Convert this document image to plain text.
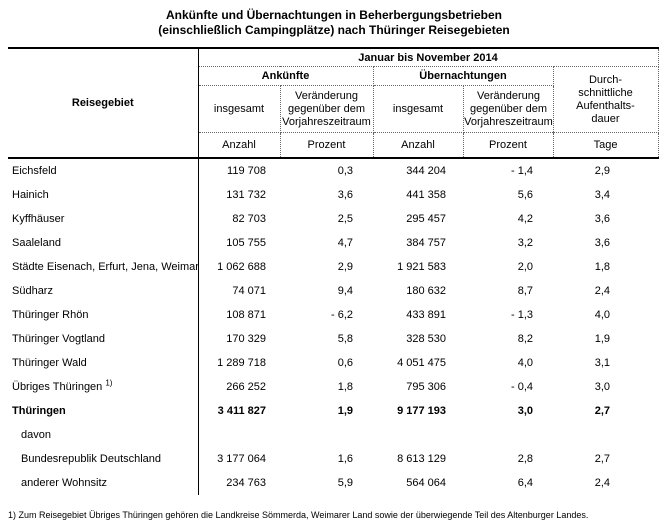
Ankünfte und Übernachtungen in Beherbergungsbetrieben
(einschließlich Campingplätze) nach Thüringer Reisegebieten
Reisegebiet	Januar bis November 2014				
	Ankünfte		Übernachtungen		Durch-schnittliche Aufenthalts-dauer

	insgesamt	Veränderung gegenüber dem Vorjahreszeitraum	insgesamt	Veränderung gegenüber dem Vorjahreszeitraum	

	Anzahl	Prozent	Anzahl	Prozent	Tage
Eichsfeld	119 708	0,3	344 204	- 1,4	2,9
Hainich	131 732	3,6	441 358	5,6	3,4
Kyffhäuser	82 703	2,5	295 457	4,2	3,6
Saaleland	105 755	4,7	384 757	3,2	3,6
Städte Eisenach, Erfurt, Jena, Weimar	1 062 688	2,9	1 921 583	2,0	1,8
Südharz	74 071	9,4	180 632	8,7	2,4
Thüringer Rhön	108 871	- 6,2	433 891	- 1,3	4,0
Thüringer Vogtland	170 329	5,8	328 530	8,2	1,9
Thüringer Wald	1 289 718	0,6	4 051 475	4,0	3,1
Übriges Thüringen $^{1)}$	266 252	1,8	795 306	- 0,4	3,0
Thüringen	3 411 827	1,9	9 177 193	3,0	2,7
davon					
Bundesrepublik Deutschland	3 177 064	1,6	8 613 129	2,8	2,7
anderer Wohnsitz	234 763	5,9	564 064	6,4	2,4
1) Zum Reisegebiet Übriges Thüringen gehören die Landkreise Sömmerda, Weimarer Land sowie der überwiegende Teil des Altenburger Landes.
